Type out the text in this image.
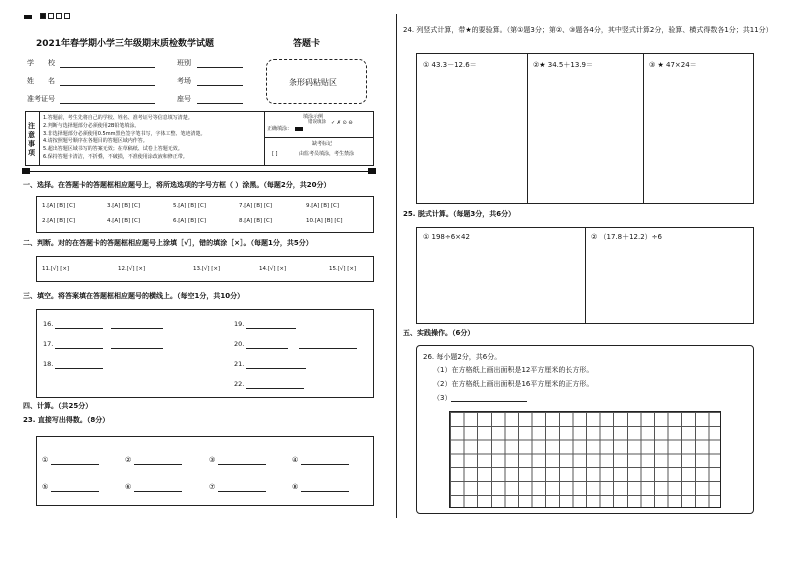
2021年春学期小学三年级期末质检数学试题	答题卡
学　　校
姓　　名
准考证号
班别
考场
座号
条形码粘贴区
注意事项
1.答题前，考生先将自己的学校、姓名、准考证号等信息填写清楚。
2.判断与选择题部分必须使用2B铅笔填涂。
3.非选择题部分必须使用0.5mm黑色签字笔书写，字体工整、笔迹清楚。
4.请按照题号顺序在各题目的答题区域内作答。
5.超出答题区域书写的答案无效；在草稿纸、试卷上答题无效。
6.保持答题卡清洁，不折叠，不破损，不准使用涂改液和修正带。
填涂示例
正确填涂：
错误填涂 ✓ ✗ ⊙ ⊖
缺考标记
[ ]	由监考员填涂，考生禁涂
一、选择。在答题卡的答题框相应题号上，将所选选项的字号方框（ ）涂黑。（每题2分，共20分）
1.[A] [B] [C]	3.[A] [B] [C]	5.[A] [B] [C]	7.[A] [B] [C]	9.[A] [B] [C]
2.[A] [B] [C]	4.[A] [B] [C]	6.[A] [B] [C]	8.[A] [B] [C]	10.[A] [B] [C]
二、判断。对的在答题卡的答题框相应题号上涂填［√］，错的填涂［×］。（每题1分，共5分）
11.[√] [×]	12.[√] [×]	13.[√] [×]	14.[√] [×]	15.[√] [×]
三、填空。将答案填在答题框相应题号的横线上。（每空1分，共10分）
16.
17.
18.
19.
20.
21.
22.
四、计算。（共25分）
23. 直接写出得数。（8分）
①	②	③	④
⑤	⑥	⑦	⑧
24. 列竖式计算，带★的要验算。（第①题3分；第②、③题各4分，其中竖式计算2分，验算、横式得数各1分；共11分）
① 43.3－12.6＝	②★ 34.5＋13.9＝	③ ★ 47×24＝
25. 脱式计算。（每题3分，共6分）
① 198÷6×42	② （17.8＋12.2）÷6
五、实践操作。（6分）
26. 每小题2分，共6分。
（1）在方格纸上画出面积是12平方厘米的长方形。
（2）在方格纸上画出面积是16平方厘米的正方形。
（3）
